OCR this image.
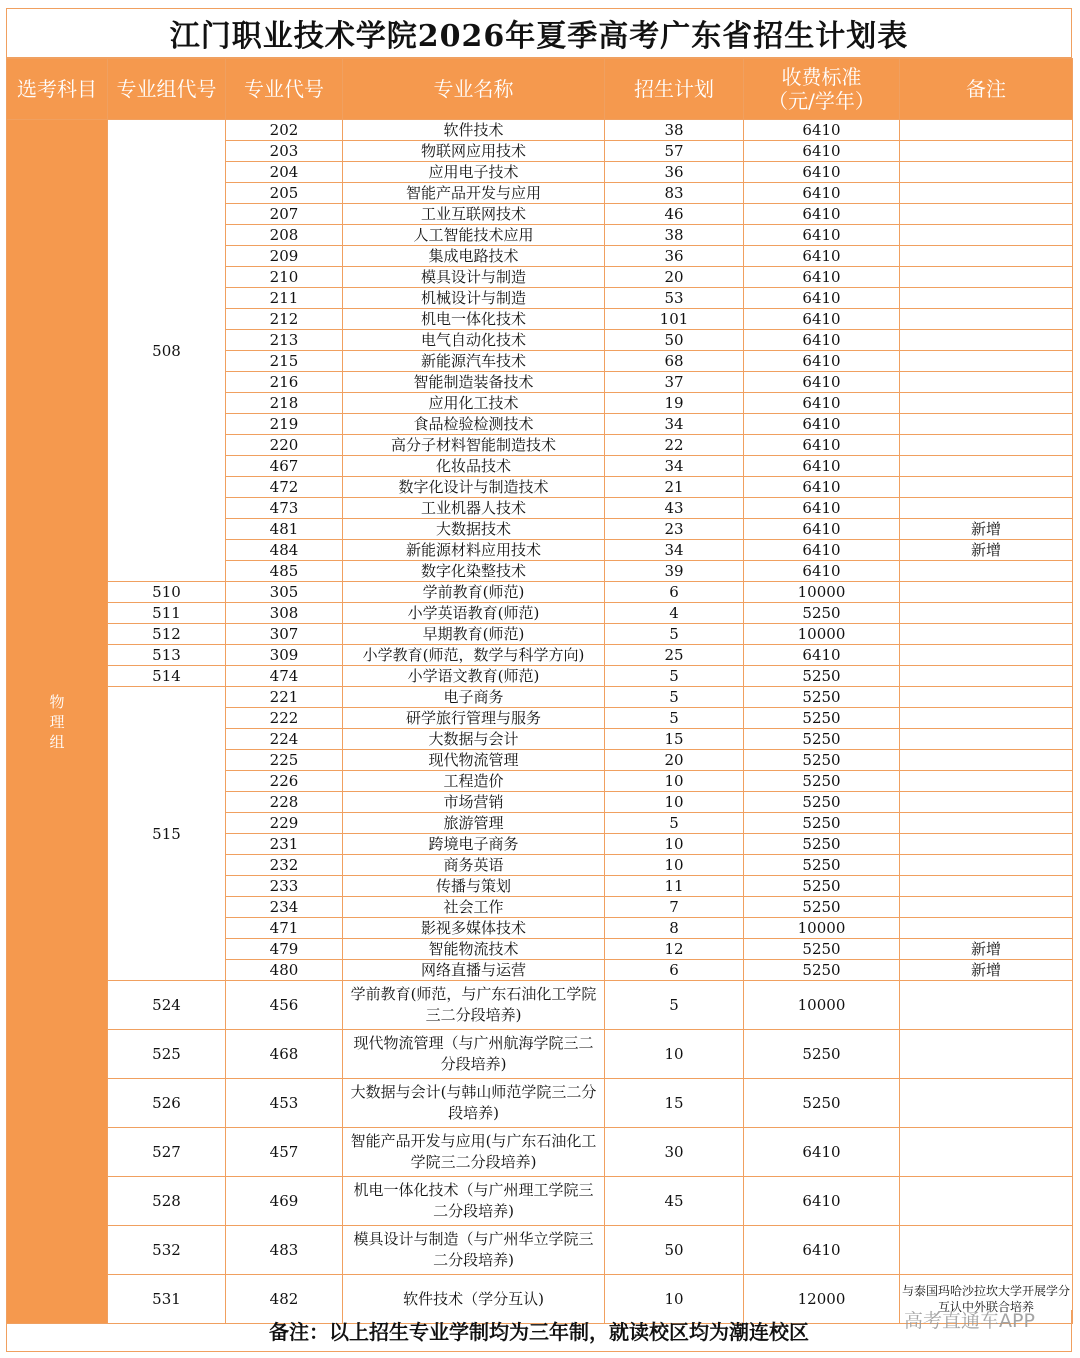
江门职业技术学院2026年夏季高考广东省招生计划表
选考科目	专业组代号	专业代号	专业名称	招生计划	收费标准
（元/学年）	备注
物
理
组	508	202	软件技术	38	6410	
		203	物联网应用技术	57	6410	
		204	应用电子技术	36	6410	
		205	智能产品开发与应用	83	6410	
		207	工业互联网技术	46	6410	
		208	人工智能技术应用	38	6410	
		209	集成电路技术	36	6410	
		210	模具设计与制造	20	6410	
		211	机械设计与制造	53	6410	
		212	机电一体化技术	101	6410	
		213	电气自动化技术	50	6410	
		215	新能源汽车技术	68	6410	
		216	智能制造装备技术	37	6410	
		218	应用化工技术	19	6410	
		219	食品检验检测技术	34	6410	
		220	高分子材料智能制造技术	22	6410	
		467	化妆品技术	34	6410	
		472	数字化设计与制造技术	21	6410	
		473	工业机器人技术	43	6410	
		481	大数据技术	23	6410	新增
		484	新能源材料应用技术	34	6410	新增
		485	数字化染整技术	39	6410	
	510	305	学前教育(师范)	6	10000	
	511	308	小学英语教育(师范)	4	5250	
	512	307	早期教育(师范)	5	10000	
	513	309	小学教育(师范，数学与科学方向)	25	6410	
	514	474	小学语文教育(师范)	5	5250	
	515	221	电子商务	5	5250	
		222	研学旅行管理与服务	5	5250	
		224	大数据与会计	15	5250	
		225	现代物流管理	20	5250	
		226	工程造价	10	5250	
		228	市场营销	10	5250	
		229	旅游管理	5	5250	
		231	跨境电子商务	10	5250	
		232	商务英语	10	5250	
		233	传播与策划	11	5250	
		234	社会工作	7	5250	
		471	影视多媒体技术	8	10000	
		479	智能物流技术	12	5250	新增
		480	网络直播与运营	6	5250	新增
	524	456	学前教育(师范，与广东石油化工学院三二分段培养)	5	10000	
	525	468	现代物流管理（与广州航海学院三二分段培养)	10	5250	
	526	453	大数据与会计(与韩山师范学院三二分段培养)	15	5250	
	527	457	智能产品开发与应用(与广东石油化工学院三二分段培养)	30	6410	
	528	469	机电一体化技术（与广州理工学院三二分段培养)	45	6410	
	532	483	模具设计与制造（与广州华立学院三二分段培养)	50	6410	
	531	482	软件技术（学分互认)	10	12000	与泰国玛哈沙拉坎大学开展学分互认中外联合培养
备注：以上招生专业学制均为三年制，就读校区均为潮连校区	高考直通车APP
